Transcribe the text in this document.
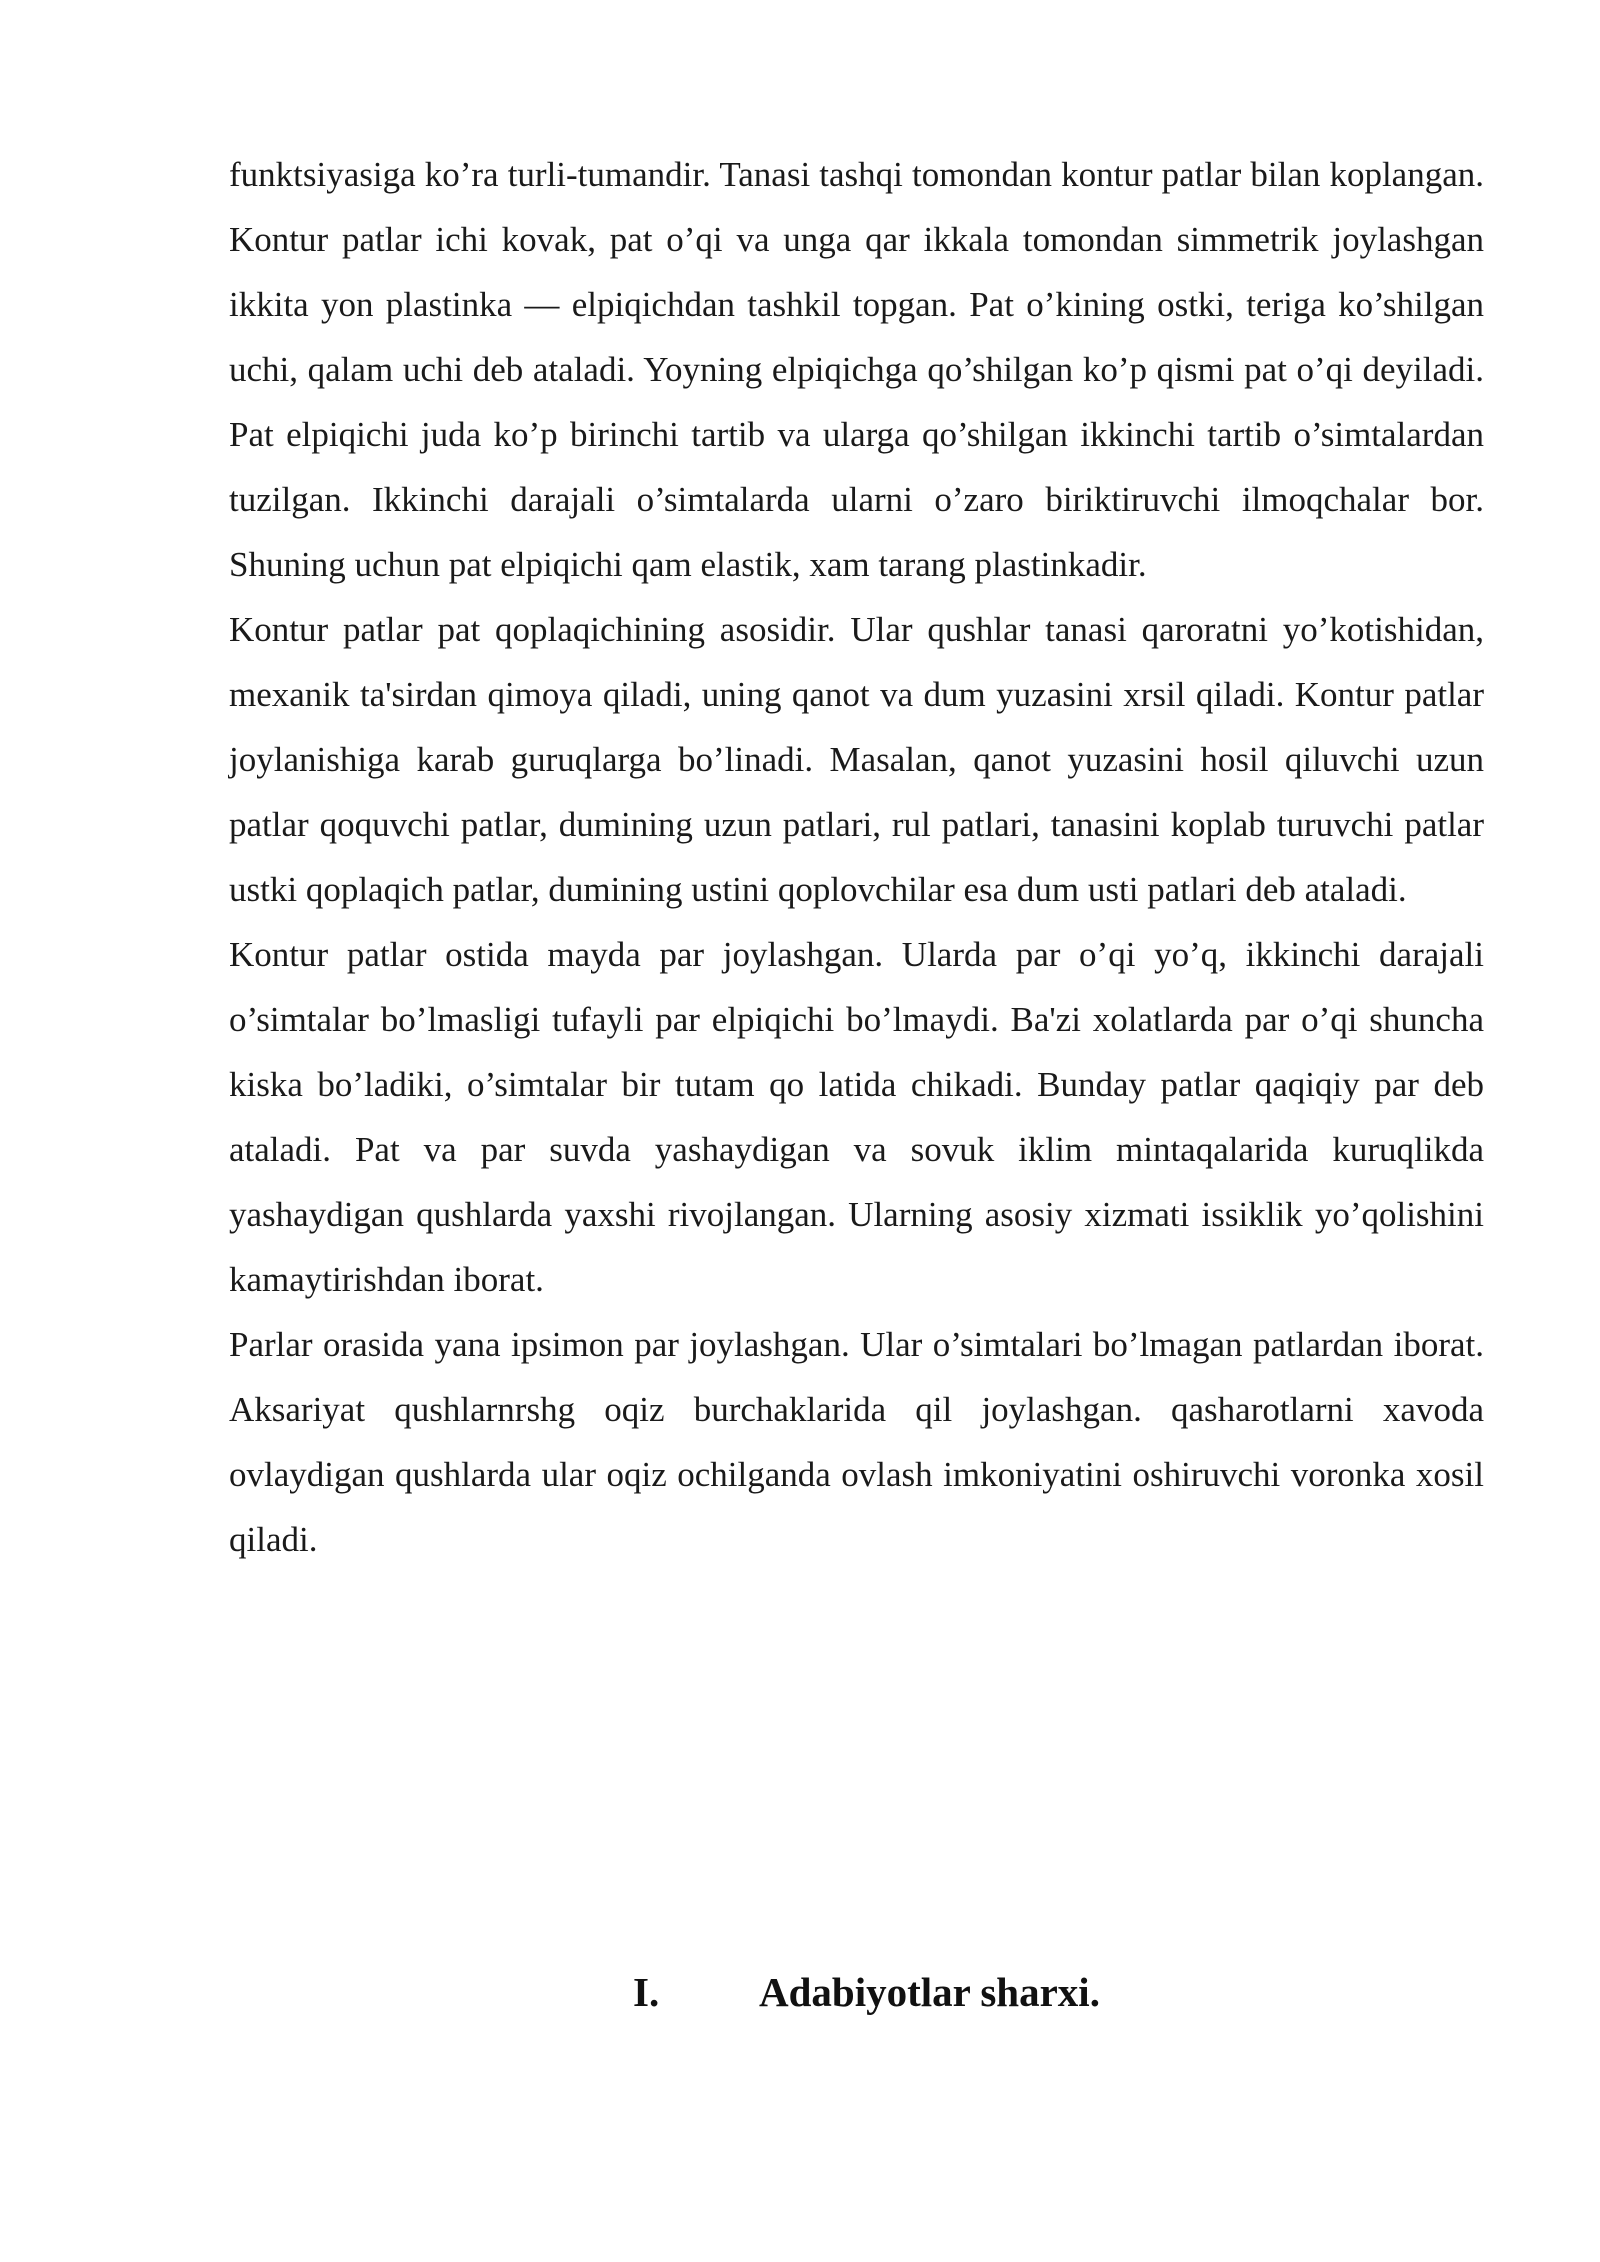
funktsiyasiga ko’ra turli-tumandir. Tanasi tashqi tomondan kontur patlar bilan koplangan. Kontur patlar ichi kovak, pat o’qi va unga qar ikkala tomondan simmetrik joylashgan ikkita yon plastinka — elpiqichdan tashkil topgan. Pat o’kining ostki, teriga ko’shilgan uchi, qalam uchi deb ataladi. Yoyning elpiqichga qo’shilgan ko’p qismi pat o’qi deyiladi. Pat elpiqichi juda ko’p birinchi tartib va ularga qo’shilgan ikkinchi tartib o’simtalardan tuzilgan. Ikkinchi darajali o’simtalarda ularni o’zaro biriktiruvchi ilmoqchalar bor. Shuning uchun pat elpiqichi qam elastik, xam tarang plastinkadir.

Kontur patlar pat qoplaqichining asosidir. Ular qushlar tanasi qaroratni yo’kotishidan, mexanik ta'sirdan qimoya qiladi, uning qanot va dum yuzasini xrsil qiladi. Kontur patlar joylanishiga karab guruqlarga bo’linadi. Masalan, qanot yuzasini hosil qiluvchi uzun patlar qoquvchi patlar, dumining uzun patlari, rul patlari, tanasini koplab turuvchi patlar ustki qoplaqich patlar, dumining ustini qoplovchilar esa dum usti patlari deb ataladi.

Kontur patlar ostida mayda par joylashgan. Ularda par o’qi yo’q, ikkinchi darajali o’simtalar bo’lmasligi tufayli par elpiqichi bo’lmaydi. Ba'zi xolatlarda par o’qi shuncha kiska bo’ladiki, o’simtalar bir tutam qo latida chikadi. Bunday patlar qaqiqiy par deb ataladi. Pat va par suvda yashaydigan va sovuk iklim mintaqalarida kuruqlikda yashaydigan qushlarda yaxshi rivojlangan. Ularning asosiy xizmati issiklik yo’qolishini kamaytirishdan iborat.

Parlar orasida yana ipsimon par joylashgan. Ular o’simtalari bo’lmagan patlardan iborat. Aksariyat qushlarnrshg oqiz burchaklarida qil joylashgan. qasharotlarni xavoda ovlaydigan qushlarda ular oqiz ochilganda ovlash imkoniyatini oshiruvchi voronka xosil qiladi.

I. Adabiyotlar sharxi.
